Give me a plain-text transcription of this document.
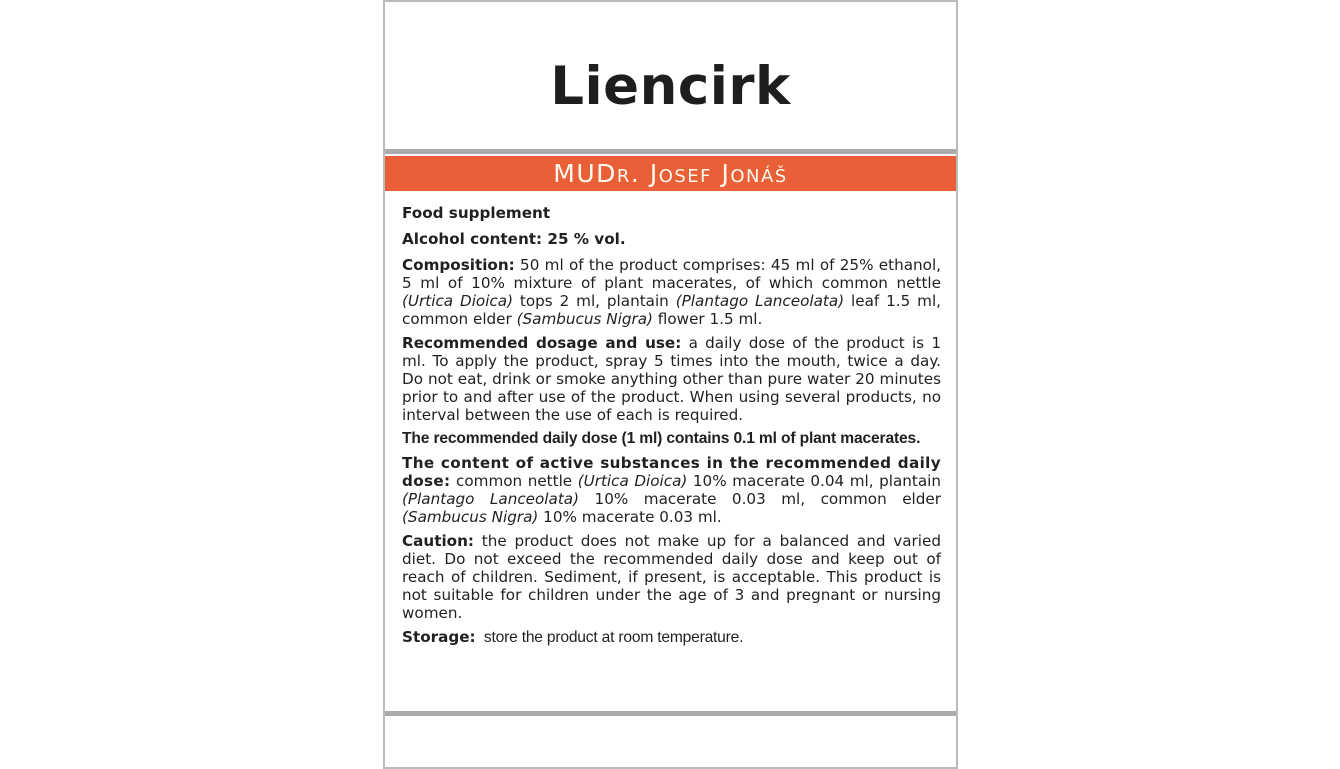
Liencirk
MUDr. Josef Jonáš

Food supplement

Alcohol content: 25 % vol.

Composition: 50 ml of the product comprises: 45 ml of 25% ethanol, 5 ml of 10% mixture of plant macerates, of which common nettle (Urtica Dioica) tops 2 ml, plantain (Plantago Lanceolata) leaf 1.5 ml, common elder (Sambucus Nigra) flower 1.5 ml.

Recommended dosage and use: a daily dose of the product is 1 ml. To apply the product, spray 5 times into the mouth, twice a day. Do not eat, drink or smoke anything other than pure water 20 minutes prior to and after use of the product. When using several products, no interval between the use of each is required.

The recommended daily dose (1 ml) contains 0.1 ml of plant macerates.

The content of active substances in the recommended daily dose: common nettle (Urtica Dioica) 10% macerate 0.04 ml, plantain (Plantago Lanceolata) 10% macerate 0.03 ml, common elder (Sambucus Nigra) 10% macerate 0.03 ml.

Caution: the product does not make up for a balanced and varied diet. Do not exceed the recommended daily dose and keep out of reach of children. Sediment, if present, is acceptable. This product is not suitable for children under the age of 3 and pregnant or nursing women.

Storage:  store the product at room temperature.
